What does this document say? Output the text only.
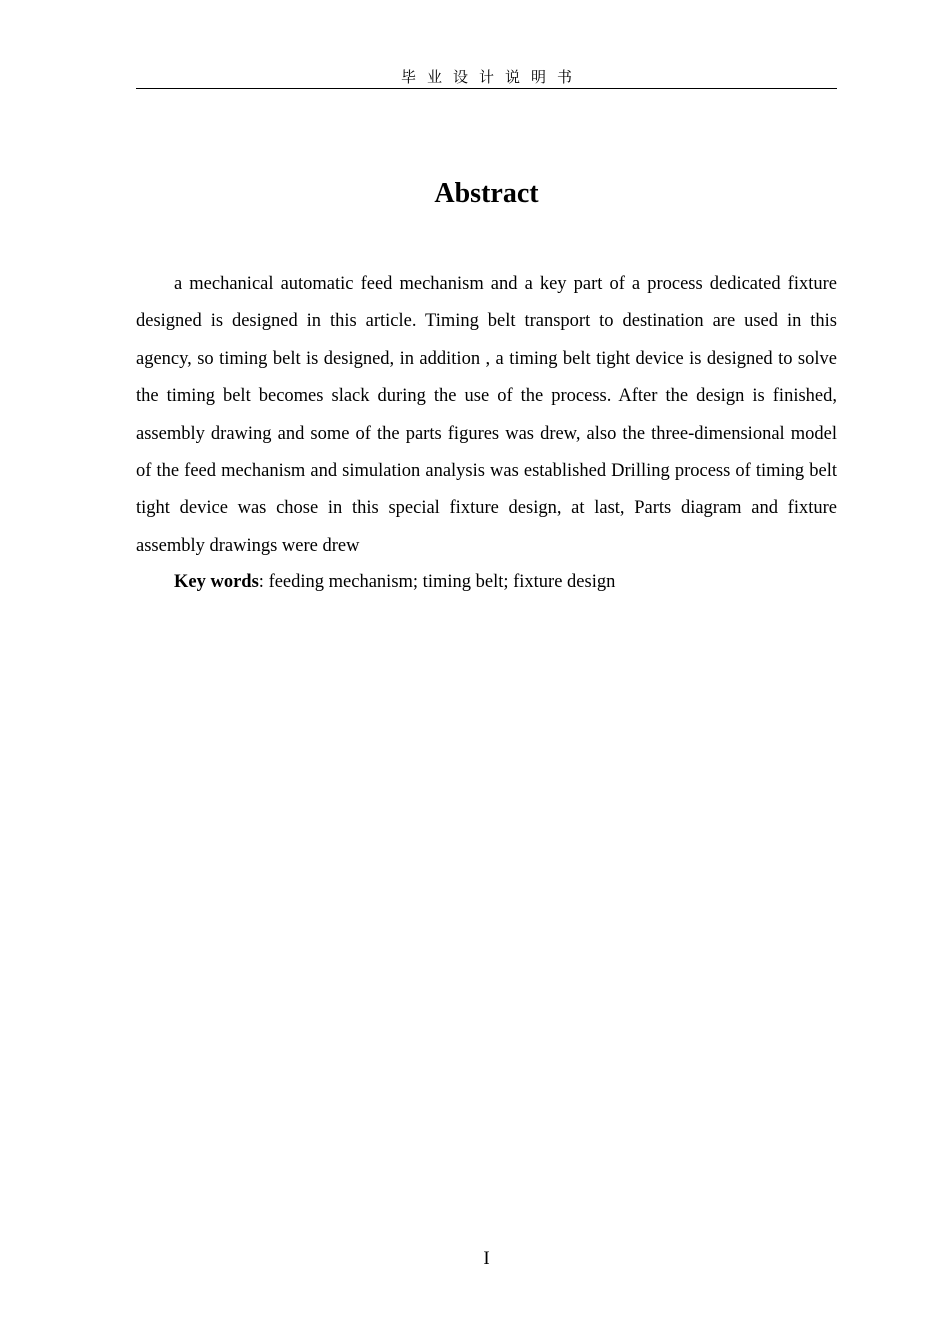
毕业设计说明书
Abstract

a mechanical automatic feed mechanism and a key part of a process dedicated fixture designed is designed in this article. Timing belt transport to destination are used in this agency, so timing belt is designed, in addition , a timing belt tight device is designed to solve the timing belt becomes slack during the use of the process. After the design is finished, assembly drawing and some of the parts figures was drew, also the three-dimensional model of the feed mechanism and simulation analysis was established Drilling process of timing belt tight device was chose in this special fixture design, at last, Parts diagram and fixture assembly drawings were drew

Key words: feeding mechanism; timing belt; fixture design

I
